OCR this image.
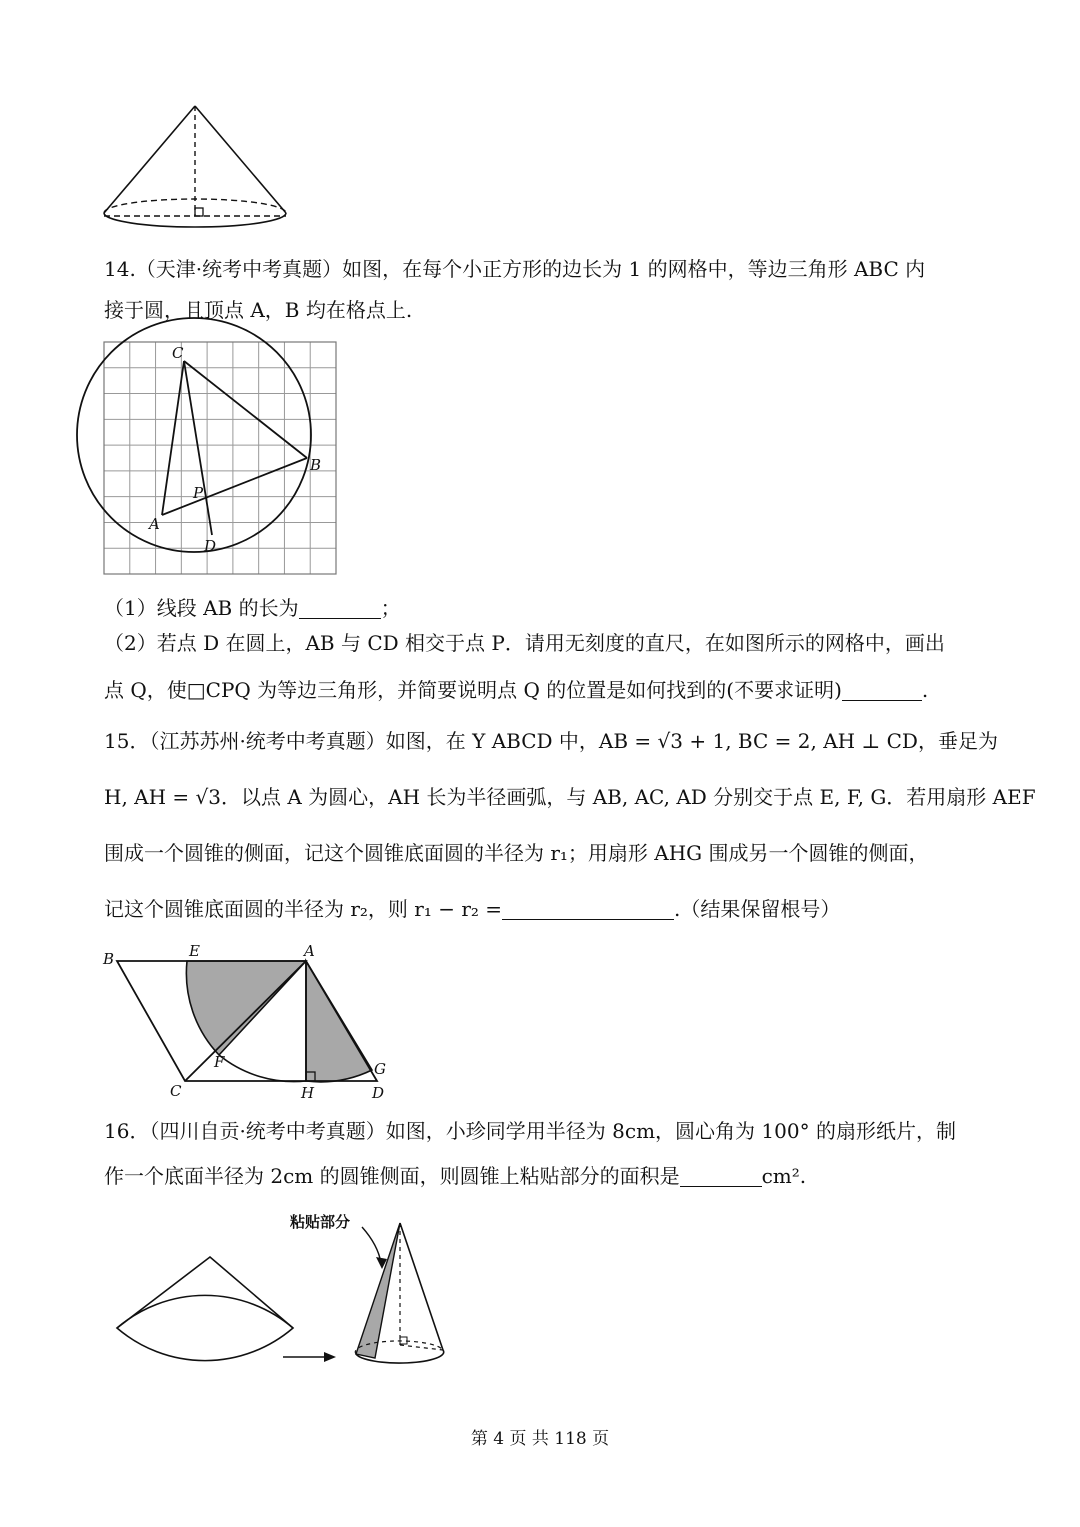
14.（天津·统考中考真题）如图，在每个小正方形的边长为 1 的网格中，等边三角形 ABC 内
接于圆，且顶点 A，B 均在格点上.
C
B
P
A
D
（1）线段 AB 的长为	；
（2）若点 D 在圆上，AB 与 CD 相交于点 P．请用无刻度的直尺，在如图所示的网格中，画出
点 Q，使□CPQ 为等边三角形，并简要说明点 Q 的位置是如何找到的(不要求证明)	.
15．（江苏苏州·统考中考真题）如图，在 Y ABCD 中，AB = √3 + 1, BC = 2, AH ⊥ CD，垂足为
H, AH = √3．以点 A 为圆心，AH 长为半径画弧，与 AB, AC, AD 分别交于点 E, F, G．若用扇形 AEF
围成一个圆锥的侧面，记这个圆锥底面圆的半径为 r₁；用扇形 AHG 围成另一个圆锥的侧面，
记这个圆锥底面圆的半径为 r₂，则 r₁ − r₂ =	.（结果保留根号）
B	E	A
F	G
C	H	D
16．（四川自贡·统考中考真题）如图，小珍同学用半径为 8cm，圆心角为 100° 的扇形纸片，制
作一个底面半径为 2cm 的圆锥侧面，则圆锥上粘贴部分的面积是	cm².
粘贴部分
第 4 页 共 118 页
